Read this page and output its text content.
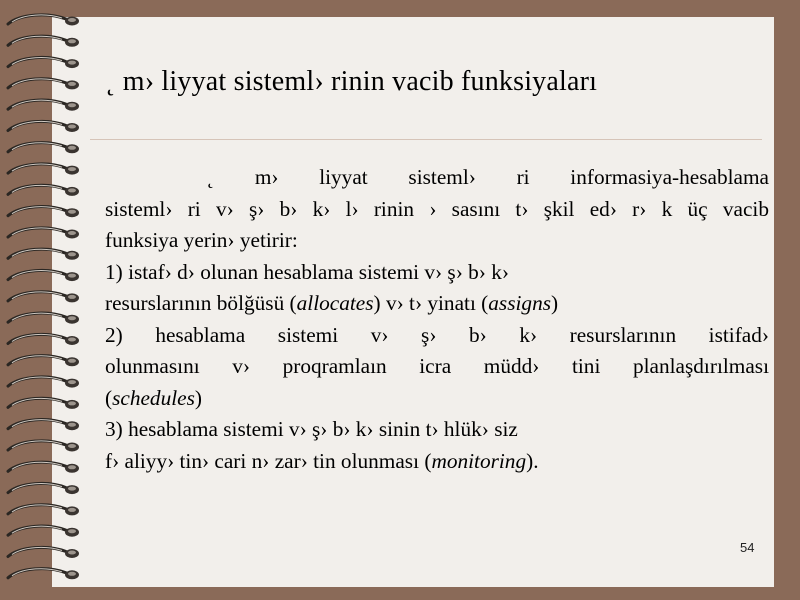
˛ m› liyyat sisteml› rinin vacib funksiyaları
˛ m› liyyat sisteml› ri informasiya-hesablama
sisteml› ri v› ş› b› k› l› rinin › sasını t› şkil ed› r› k üç vacib
funksiya yerin› yetirir:
1) istaf› d› olunan hesablama sistemi v› ş› b› k›
resurslarının bölğüsü (allocates) v› t› yinatı (assigns)
2) hesablama sistemi v› ş› b› k› resurslarının istifad›
olunmasını v› proqramlaın icra müdd› tini planlaşdırılması
(schedules)
3) hesablama sistemi v› ş› b› k› sinin t› hlük› siz
f› aliyy› tin› cari n› zar› tin olunması (monitoring).
54
